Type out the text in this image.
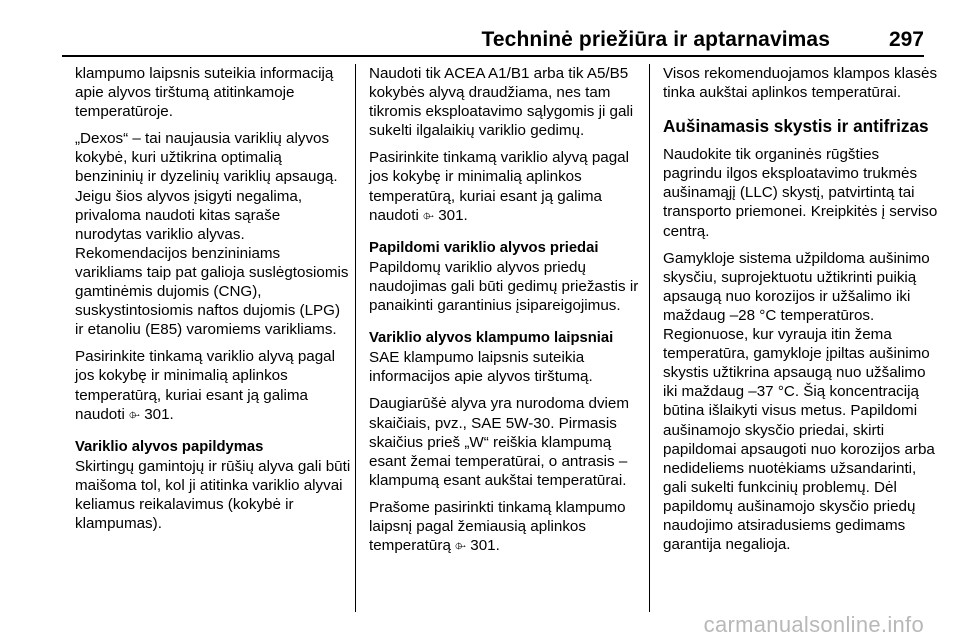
Techninė priežiūra ir aptarnavimas	297

klampumo laipsnis suteikia informaciją apie alyvos tirštumą atitinkamoje temperatūroje.

„Dexos“ – tai naujausia variklių alyvos kokybė, kuri užtikrina optimalią benzininių ir dyzelinių variklių apsaugą. Jeigu šios alyvos įsigyti negalima, privaloma naudoti kitas sąraše nurodytas variklio alyvas. Rekomendacijos benzininiams varikliams taip pat galioja suslėgtosiomis gamtinėmis dujomis (CNG), suskystintosiomis naftos dujomis (LPG) ir etanoliu (E85) varomiems varikliams.

Pasirinkite tinkamą variklio alyvą pagal jos kokybę ir minimalią aplinkos temperatūrą, kuriai esant ją galima naudoti ⌱ 301.

Variklio alyvos papildymas

Skirtingų gamintojų ir rūšių alyva gali būti maišoma tol, kol ji atitinka variklio alyvai keliamus reikalavimus (kokybė ir klampumas).

Naudoti tik ACEA A1/B1 arba tik A5/B5 kokybės alyvą draudžiama, nes tam tikromis eksploatavimo sąlygomis ji gali sukelti ilgalaikių variklio gedimų.

Pasirinkite tinkamą variklio alyvą pagal jos kokybę ir minimalią aplinkos temperatūrą, kuriai esant ją galima naudoti ⌱ 301.

Papildomi variklio alyvos priedai

Papildomų variklio alyvos priedų naudojimas gali būti gedimų priežastis ir panaikinti garantinius įsipareigojimus.

Variklio alyvos klampumo laipsniai

SAE klampumo laipsnis suteikia informacijos apie alyvos tirštumą.

Daugiarūšė alyva yra nurodoma dviem skaičiais, pvz., SAE 5W-30. Pirmasis skaičius prieš „W“ reiškia klampumą esant žemai temperatūrai, o antrasis – klampumą esant aukštai temperatūrai.

Prašome pasirinkti tinkamą klampumo laipsnį pagal žemiausią aplinkos temperatūrą ⌱ 301.

Visos rekomenduojamos klampos klasės tinka aukštai aplinkos temperatūrai.

Aušinamasis skystis ir antifrizas

Naudokite tik organinės rūgšties pagrindu ilgos eksploatavimo trukmės aušinamąjį (LLC) skystį, patvirtintą tai transporto priemonei. Kreipkitės į serviso centrą.

Gamykloje sistema užpildoma aušinimo skysčiu, suprojektuotu užtikrinti puikią apsaugą nuo korozijos ir užšalimo iki maždaug –28 °C temperatūros. Regionuose, kur vyrauja itin žema temperatūra, gamykloje įpiltas aušinimo skystis užtikrina apsaugą nuo užšalimo iki maždaug –37 °C. Šią koncentraciją būtina išlaikyti visus metus. Papildomi aušinamojo skysčio priedai, skirti papildomai apsaugoti nuo korozijos arba nedideliems nuotėkiams užsandarinti, gali sukelti funkcinių problemų. Dėl papildomų aušinamojo skysčio priedų naudojimo atsiradusiems gedimams garantija negalioja.

carmanualsonline.info
